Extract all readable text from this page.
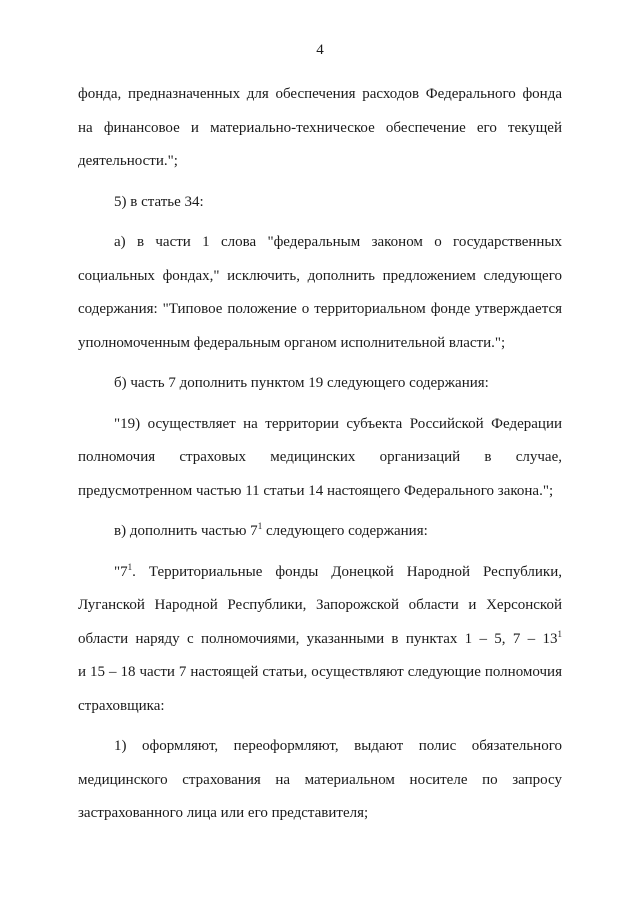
4
фонда, предназначенных для обеспечения расходов Федерального фонда
на финансовое и материально-техническое обеспечение его текущей
деятельности.";
5) в статье 34:
а) в части 1 слова "федеральным законом о государственных
социальных фондах," исключить, дополнить предложением следующего
содержания: "Типовое положение о территориальном фонде утверждается
уполномоченным федеральным органом исполнительной власти.";
б) часть 7 дополнить пунктом 19 следующего содержания:
"19) осуществляет на территории субъекта Российской Федерации
полномочия страховых медицинских организаций в случае,
предусмотренном частью 11 статьи 14 настоящего Федерального закона.";
в) дополнить частью $7^1$ следующего содержания:
"$7^1$. Территориальные фонды Донецкой Народной Республики,
Луганской Народной Республики, Запорожской области и Херсонской
области наряду с полномочиями, указанными в пунктах 1 – 5, $7 - 13^1$
и 15 – 18 части 7 настоящей статьи, осуществляют следующие полномочия
страховщика:
1) оформляют, переоформляют, выдают полис обязательного
медицинского страхования на материальном носителе по запросу
застрахованного лица или его представителя;
